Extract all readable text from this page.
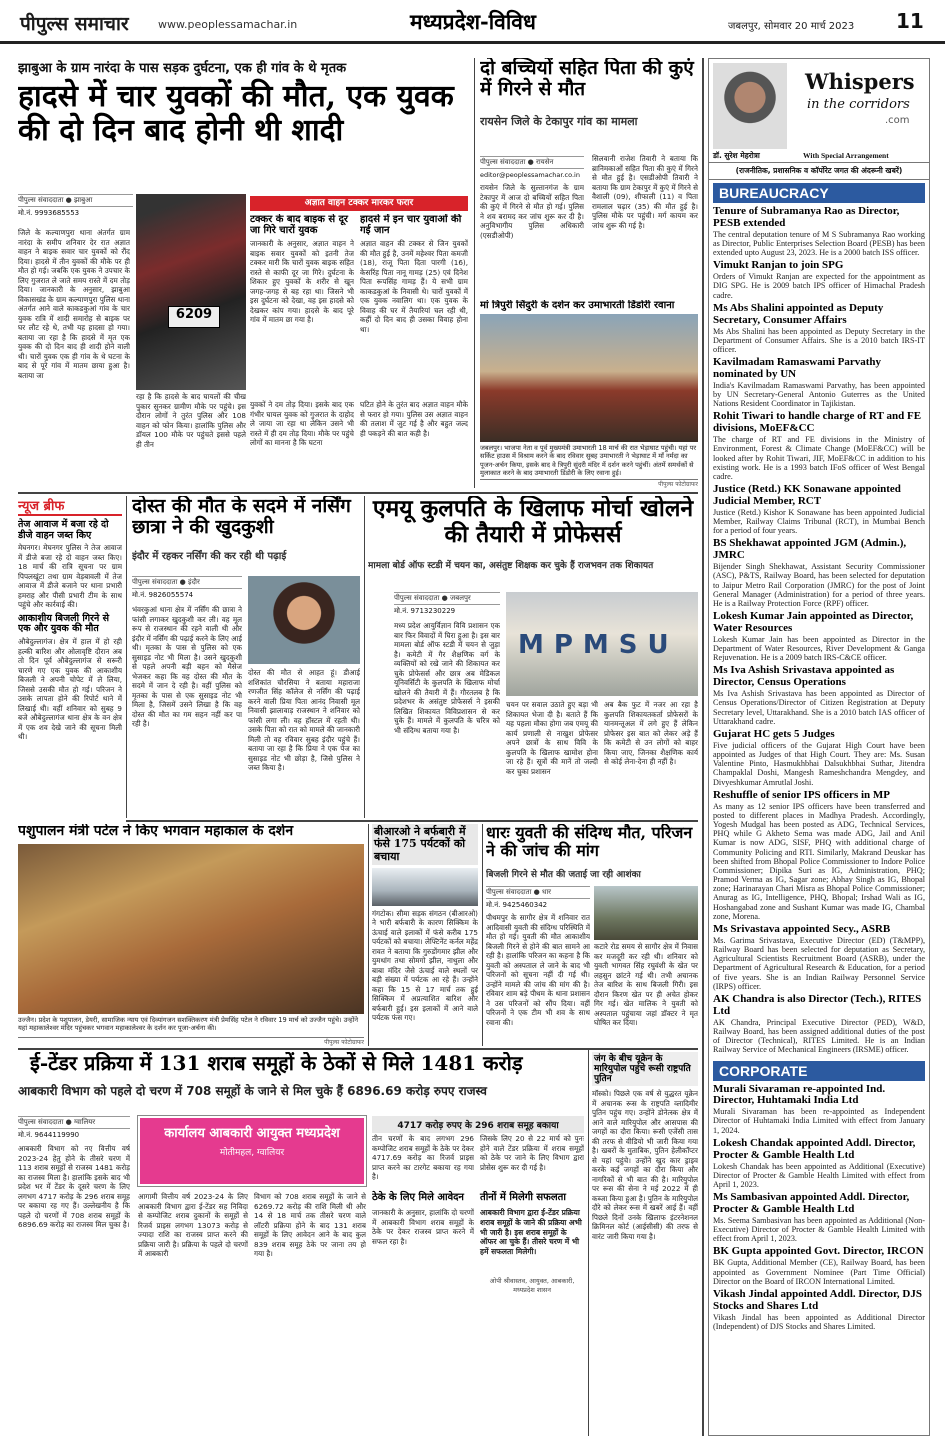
पीपुल्स समाचार	www.peoplessamachar.in	मध्यप्रदेश-विविध	जबलपुर, सोमवार 20 मार्च 2023 11
झाबुआ के ग्राम नारंदा के पास सड़क दुर्घटना, एक ही गांव के थे मृतक
हादसे में चार युवकों की मौत, एक युवक की दो दिन बाद होनी थी शादी
पीपुल्स संवाददाता ● झाबुआ
मो.नं. 9993685553
जिले के कल्याणपुरा थाना अंतर्गत ग्राम नारंदा के समीप शनिवार देर रात अज्ञात वाहन ने बाइक सवार चार युवकों को रौंद दिया। हादसे में तीन युवकों की मौके पर ही मौत हो गई। जबकि एक युवक ने उपचार के लिए गुजरात ले जाते समय रास्ते में दम तोड़ दिया। जानकारी के अनुसार, झाबुआ विकासखंड के ग्राम कल्याणपुरा पुलिस थाना अंतर्गत आने वाले काकडकुआं गांव के चार युवक रात्रि में शादी समारोह से बाइक पर घर लौट रहे थे, तभी यह हादसा हो गया। बताया जा रहा है कि हादसे में मृत एक युवक की दो दिन बाद ही शादी होने वाली थी। चारों युवक एक ही गांव के थे घटना के बाद से पूरे गांव में मातम छाया हुआ है। बताया जा
6209
रहा है कि हादसे के बाद घायलों की चीख पुकार सुनकर ग्रामीण मौके पर पहुंचे। इस दौरान लोगों ने तुरंत पुलिस और 108 वाहन को फोन किया। हालांकि पुलिस और डॉयल 100 मौके पर पहुंचते इससे पहले ही तीन
अज्ञात वाहन टक्कर मारकर फरार
टक्कर के बाद बाइक से दूर जा गिरे चारों युवक
जानकारी के अनुसार, अज्ञात वाहन ने बाइक सवार युवकों को इतनी तेज टक्कर मारी कि चारों युवक बाइक सहित रास्ते से काफी दूर जा गिरे। दुर्घटना के शिकार हुए युवकों के शरीर से खून जगह-जगह से बह रहा था। जिसने भी इस दुर्घटना को देखा, वह इस हादसे को देखकर कांप गया। हादसे के बाद पूरे गांव में मातम छा गया है।
हादसे में इन चार युवाओं की गई जान
अज्ञात वाहन की टक्कर से जिन युवकों की मौत हुई है, उनमें महेश्वर पिता कमजी (18), राजू पिता दिता पारगी (16), केसरिंह पिता नानू गामड़ (25) एवं दिनेश पिता रूपसिंह गामड़ हैं। ये सभी ग्राम काकडकुआं के निवासी थे। चारों युवकों में एक युवक नवालिग था। एक युवक के विवाह की घर में तैयारियां चल रही थी, कहीं दो दिन बाद ही उसका विवाह होना था।
युवकों ने दम तोड़ दिया। इसके बाद एक गंभीर घायल युवक को गुजरात के दाहोद ले जाया जा रहा था लेकिन उसने भी रास्ते में ही दम तोड़ दिया। मौके पर पहुंचे लोगों का मानना है कि घटना
घटित होने के तुरंत बाद अज्ञात वाहन मौके से फरार हो गया। पुलिस उस अज्ञात वाहन की तलाश में जुट गई है और बहुत जल्द ही पकड़ने की बात कही है।
दो बच्चियों सहित पिता की कुएं में गिरने से मौत
रायसेन जिले के टेकापुर गांव का मामला
पीपुल्स संवाददाता ● रायसेन
editor@peoplessamachar.co.in
रायसेन जिले के सुल्तानगंज के ग्राम टेकापुर में आज दो बच्चियों सहित पिता की कुएं में गिरने से मौत हो गई। पुलिस ने शव बरामद कर जांच शुरू कर दी है। अनुविभागीय पुलिस अधिकारी (एसडीओपी)
सिलवानी राजेश तिवारी ने बताया कि ब्रानिमकाओं सहित पिता की कुएं में गिरने से मौत हुई है। एसडीओपी तिवारी ने बताया कि ग्राम टेकापुर में कुएं में गिरने से वैशाली (09), शीफाली (11) व पिता रामलाल चढ़ार (35) की मौत हुई है। पुलिस मौके पर पहुंची। मर्ग कायम कर जांच शुरू की गई है।
मां त्रिपुरी सिंदुरी के दर्शन कर उमाभारती डिंडोरी रवाना
जबलपुर। भाजपा नेता व पूर्व मुख्यमंत्री उमाभारती 18 मार्च की रात भेड़ाघाट पहुंची। यहां पर सर्किट हाउस में विश्राम करने के बाद रविवार सुबह उमाभारती ने भेड़ाघाट में माँ नर्मदा का पूजन-अर्चन किया, इसके बाद वे त्रिपुरी सुंदरी मंदिर में दर्शन करने पहुंचीं। अंतमें समर्थकों से मुलाकात करने के बाद उमाभारती डिंडोरी के लिए रवाना हुई।
पीपुल्स फोटोग्राफर
न्यूज ब्रीफ
तेज आवाज में बजा रहे दो डीजे वाहन जब्त किए
मेघनगर। मेघनगर पुलिस ने तेज आवाज में डीजे बजा रहे दो वाहन जब्त किए। 18 मार्च की रात्रि सूचना पर ग्राम पिपलखूंटा तथा ग्राम वेड़बावली में तेज आवाज में डीजे बजाने पर थाना प्रभारी हमराह और पीसी प्रभारी टीम के साथ पहुंचे और कार्रवाई की।
आकाशीय बिजली गिरने से एक और युवक की मौत
औबेदुल्लागंज। क्षेत्र में हाल में हो रही हल्की बारिश और ओलावृष्टि दौरान अब तो दिन पूर्व औबेदुल्लागंज से सरूरी चारणे गए एक युवक की आकाशीय बिजली ने अपनी चोपेट में ले लिया, जिससे उसकी मौत हो गई। परिजन ने उसके लापता होने की रिपोर्ट थाने में लिखाई थी। वहीं शनिवार को सुबह 9 बजे औबेदुल्लागंज थाना क्षेत्र के वन क्षेत्र में एक शव देखे जाने की सूचना मिली थी।
दोस्त की मौत के सदमे में नर्सिंग छात्रा ने की खुदकुशी
इंदौर में रहकर नर्सिंग की कर रही थी पढ़ाई
पीपुल्स संवाददाता ● इंदौर
मो.नं. 9826055574
भंवरकुआं थाना क्षेत्र में नर्सिंग की छात्रा ने फांसी लगाकर खुदकुशी कर ली। वह मूल रूप से राजस्थान की रहने वाली थी और इंदौर में नर्सिंग की पढ़ाई करने के लिए आई थी। मृतका के पास से पुलिस को एक सुसाइड नोट भी मिला है। उसने खुदकुशी से पहले अपनी बड़ी बहन को मैसेज भेजकर कहा कि वह दोस्त की मौत के सदमे में जान दे रही है। वहीं पुलिस को मृतका के पास से एक सुसाइड नोट भी मिला है, जिसमें उसने लिखा है कि वह दोस्त की मौत का गम सहन नहीं कर पा रही है।
दोस्त की मौत से आहत हूं। डीआई शशिकांत चौरसिया ने बताया महाराजा रणजीत सिंह कॉलेज से नर्सिंग की पढ़ाई करने वाली प्रिया पिता आनंद निवासी मूल निवासी झालावाड़ राजस्थान ने शनिवार को फांसी लगा ली। वह हॉस्टल में रहती थी। उसके पिता को रात को मामले की जानकारी मिली तो वह रविवार सुबह इंदौर पहुंचे हैं। बताया जा रहा है कि प्रिया ने एक पेज का सुसाइड नोट भी छोड़ा है, जिसे पुलिस ने जब्त किया है।
एमयू कुलपति के खिलाफ मोर्चा खोलने की तैयारी में प्रोफेसर्स
मामला बोर्ड ऑफ स्टडी में चयन का, असंतुष्ट शिक्षक कर चुके हैं राजभवन तक शिकायत
पीपुल्स संवाददाता ● जबलपुर
मो.नं. 9713230229
मध्य प्रदेश आयुर्विज्ञान विवि प्रशासन एक बार फिर विवादों में घिरा हुआ है। इस बार मामला बोर्ड ऑफ स्टडी में चयन से जुड़ा है। कमेटी में गैर शैक्षणिक वर्ग के व्यक्तियों को रखे जाने की शिकायत कर चुके प्रोफेसर्स और छात्र अब मेडिकल यूनिवर्सिटी के कुलपति के खिलाफ मोर्चा खोलने की तैयारी में हैं। गौरतलब है कि प्रदेशभर के असंतुष्ट प्रोफेसर्स ने इसकी लिखित शिकायत विविप्रशासन से कर चुके हैं। मामले में कुलपति के चरित्र को भी संदिग्ध बताया गया है।
MPMSU
चयन पर सवाल उठाते हुए बड़ा भी शिकायत भेजा दी है। बताते हैं कि यह पहला मौका होगा जब एमयू की कार्य प्रणाली से नाखुश प्रोफेसर अपने छात्रों के साथ विवि के कुलपति के खिलाफ खामोश होना जा रहे हैं। सूत्रों की मानें तो जल्दी कर चुका प्रशासन
अब बैक फुट में नजर आ रहा है कुलपति शिकायतकर्ता प्रोफेसरों के यानमन्तूअल में लगे हुए हैं लेकिन प्रोफेसर इस बात को लेकर अड़े हैं कि कमेटी से उन लोगों को बाहर किया जाए, जिनका शैक्षणिक कार्य से कोई लेना-देना ही नहीं है।
पशुपालन मंत्री पटेल ने किए भगवान महाकाल के दर्शन
उज्जैन। प्रदेश के पशुपालन, डेयरी, सामाजिक न्याय एवं दिव्यांगजन सशक्तिकरण मंत्री प्रेमसिंह पटेल ने रविवार 19 मार्च को उज्जैन पहुंचे। उन्होंने यहां महाकालेश्वर मंदिर पहुंचकर भगवान महाकालेश्वर के दर्शन कर पूजा-अर्चना की।
पीपुल्स फोटोग्राफर
बीआरओ ने बर्फबारी में फंसे 175 पर्यटकों को बचाया
गंगटोक। सीमा सड़क संगठन (बीआरओ) ने भारी बर्फबारी के कारण सिक्किम के ऊंचाई वाले इलाकों में फंसे करीब 175 पर्यटकों को बचाया। लेफ्टिनेंट कर्नल महेंद्र रावत ने बताया कि गुरुडोंगमार झील और युमथांग तथा सोमगो झील, नाथुला और बाबा मंदिर जैसे ऊंचाई वाले स्थलों पर बड़ी संख्या में पर्यटक आ रहे हैं। उन्होंने कहा कि 15 से 17 मार्च तक हुई सिक्किम में अप्रत्याशित बारिश और बर्फबारी हुई। इस इलाकों में आने वाले पर्यटक फंस गए।
धारः युवती की संदिग्ध मौत, परिजन ने की जांच की मांग
बिजली गिरने से मौत की जताई जा रही आशंका
पीपुल्स संवाददाता ● धार
मो.नं. 9425460342
पीथमपुर के सागौर क्षेत्र में शनिवार रात आदिवासी युवती की संदिग्ध परिस्थिति में मौत हो गई। युवती की मौत आकाशीय बिजली गिरने से होने की बात सामने आ रही है। हालांकि परिजन का कहना है कि युवती को अस्पताल ले जाने के बाद भी परिजनों को सूचना नहीं दी गई थी। उन्होंने मामले की जांच की मांग की है। रविवार शाम बड़े पीथम के थाना प्रशासन ने उस परिजनों को सौंप दिया। वहीं परिजनों ने एक टीम भी शव के साथ रवाना की।
कटारे रोड समय से सागौर क्षेत्र में निवास कर मजदूरी कर रही थी। शनिवार को युवती भागवत सिंह रघुवंशी के खेत पर लहसुन छांटने गई थी। तभी अचानक तेज बारिश के साथ बिजली गिरी। इस दौरान किरण खेत पर ही अचेत होकर गिर गई। खेत मालिक ने युवती को अस्पताल पहुंचाया जहां डॉक्टर ने मृत घोषित कर दिया।
ई-टेंडर प्रक्रिया में 131 शराब समूहों के ठेकों से मिले 1481 करोड़
आबकारी विभाग को पहले दो चरण में 708 समूहों के जाने से मिल चुके हैं 6896.69 करोड़ रुपए राजस्व
पीपुल्स संवाददाता ● ग्वालियर
मो.नं. 9644119990
आबकारी विभाग को नए वित्तीय वर्ष 2023-24 हेतु होने के तीसरे चरण में 113 शराब समूहों से राजस्व 1481 करोड़ का राजस्व मिला है। हालांकि इसके बाद भी प्रदेश भर में टेंडर के दूसरे चरण के लिए लगभग 4717 करोड़ के 296 शराब समूह पर बकाया रह गए हैं। उल्लेखनीय है कि पहले दो चरणों में 708 शराब समूहों के 6896.69 करोड़ का राजस्व मिल चुका है।
कार्यालय आबकारी आयुक्त मध्यप्रदेश
मोतीमहल, ग्वालियर
आगामी वित्तीय वर्ष 2023-24 के लिए आबकारी विभाग द्वारा ई-टेंडर सह निविदा से कम्पोजिट शराब दुकानों के समूहों से रिजर्व प्राइस लगभग 13073 करोड़ से ज्यादा राशि का राजस्व प्राप्त करने की प्रक्रिया जारी है। प्रक्रिया के पहले दो चरणों में आबकारी
विभाग को 708 शराब समूहों के जाने से 6269.72 करोड़ की राशि मिली थी और 14 से 18 मार्च तक तीसरे चरण वाले लॉटरी प्रक्रिया होने के बाद 131 शराब समूहों के लिए आवेदन आने के बाद कुल 839 शराब समूह ठेके पर जाना तय हो गया है।
4717 करोड़ रुपए के 296 शराब समूह बकाया
तीन चरणों के बाद लगभग 296 कम्पोजिट शराब समूहों के ठेके पर देकर 4717.69 करोड़ का रिजर्व प्राइस प्राप्त करने का टारगेट बकाया रह गया है।
जिसके लिए 20 से 22 मार्च को पुनः होने वाले टेंडर प्रक्रिया में शराब समूहों को ठेके पर जाने के लिए विभाग द्वारा प्रोसेस शुरू कर दी गई है।
ठेके के लिए मिले आवेदन
जानकारी के अनुसार, हालांकि दो चरणों में आबकारी विभाग शराब समूहों के ठेके पर देकर राजस्व प्राप्त करने में सफल रहा है।
तीनों में मिलेगी सफलता
आबकारी विभाग द्वारा ई-टेंडर प्रक्रिया शराब समूहों के जाने की प्रक्रिया अभी भी जारी है। इस शराब समूहों के ऑफर आ चुके हैं। तीसरे चरण में भी हमें सफलता मिलेगी।
ओपी श्रीवास्तव, आयुक्त, आबकारी, मध्यप्रदेश शासन
जंग के बीच यूक्रेन के मारियुपोल पहुंचे रूसी राष्ट्रपति पुतिन
मॉस्को। पिछले एक वर्ष से युद्धरत यूक्रेन में अचानक रूस के राष्ट्रपति व्लादिमीर पुतिन पहुंच गए। उन्होंने डोनेत्स्क क्षेत्र में आने वाले मारियुपोल और आसपास की जगहों का दौरा किया। रूसी एजेंसी तास की तरफ से वीडियो भी जारी किया गया है। खबरों के मुताबिक, पुतिन हेलीकॉप्टर से यहां पहुंचे। उन्होंने खुद कार ड्राइव करके कई जगहों का दौरा किया और नागरिकों से भी बात की है। मारियुपोल पर रूस की सेना ने मई 2022 में ही कब्जा किया हुआ है। पुतिन के मारियुपोल दौरे को लेकर रूस में खबरें आई हैं। वहीं पिछले दिनों उनके खिलाफ इंटरनेशनल क्रिमिनल कोर्ट (आईसीसी) की तरफ से वारंट जारी किया गया है।
Whispers
in the corridors
.com
डॉ. सुरेश मेहरोत्रा	With Special Arrangement
(राजनीतिक, प्रशासनिक व कॉर्पोरेट जगत की अंदरूनी खबरें)
BUREAUCRACY
Tenure of Subramanya Rao as Director, PESB extended
The central deputation tenure of M S Subramanya Rao working as Director, Public Enterprises Selection Board (PESB) has been extended upto August 23, 2023. He is a 2000 batch ISS officer.
Vimukt Ranjan to join SPG
Orders of Vimukt Ranjan are expected for the appointment as DIG SPG. He is 2009 batch IPS officer of Himachal Pradesh cadre.
Ms Abs Shalini appointed as Deputy Secretary, Consumer Affairs
Ms Abs Shalini has been appointed as Deputy Secretary in the Department of Consumer Affairs. She is a 2010 batch IRS-IT officer.
Kavilmadam Ramaswami Parvathy nominated by UN
India's Kavilmadam Ramaswami Parvathy, has been appointed by UN Secretary-General Antonio Guterres as the United Nations Resident Coordinator in Tajikistan.
Rohit Tiwari to handle charge of RT and FE divisions, MoEF&CC
The charge of RT and FE divisions in the Ministry of Environment, Forest & Climate Change (MoEF&CC) will be looked after by Rohit Tiwari, JIF, MoEF&CC in addition to his existing work. He is a 1993 batch IFoS officer of West Bengal cadre.
Justice (Retd.) KK Sonawane appointed Judicial Member, RCT
Justice (Retd.) Kishor K Sonawane has been appointed Judicial Member, Railway Claims Tribunal (RCT), in Mumbai Bench for a period of four years.
BS Shekhawat appointed JGM (Admin.), JMRC
Bijender Singh Shekhawat, Assistant Security Commissioner (ASC), P&TS, Railway Board, has been selected for deputation to Jaipur Metro Rail Corporation (JMRC) for the post of Joint General Manager (Administration) for a period of three years. He is a Railway Protection Force (RPF) officer.
Lokesh Kumar Jain appointed as Director, Water Resources
Lokesh Kumar Jain has been appointed as Director in the Department of Water Resources, River Development & Ganga Rejuvenation. He is a 2009 batch IRS-C&CE officer.
Ms Iva Ashish Srivastava appointed as Director, Census Operations
Ms Iva Ashish Srivastava has been appointed as Director of Census Operations/Director of Citizen Registration at Deputy Secretary level, Uttarakhand. She is a 2010 batch IAS officer of Uttarakhand cadre.
Gujarat HC gets 5 Judges
Five judicial officers of the Gujarat High Court have been appointed as Judges of that High Court. They are: Ms. Susan Valentine Pinto, Hasmukhbhai Dalsukhbhai Suthar, Jitendra Champaklal Doshi, Mangesh Rameshchandra Mengdey, and Divyeshkumar Amrutlal Joshi.
Reshuffle of senior IPS officers in MP
As many as 12 senior IPS officers have been transferred and posted to different places in Madhya Pradesh. Accordingly, Yogesh Mudgal has been posted as ADG, Technical Services, PHQ while G Akheto Sema was made ADG, Jail and Anil Kumar is now ADG, SISF, PHQ with additional charge of Community Policing and RTI. Similarly, Makrand Deuskar has been shifted from Bhopal Police Commissioner to Indore Police Commissioner; Dipika Suri as IG, Administration, PHQ; Pramod Verma as IG, Sagar zone; Abhay Singh as IG, Bhopal zone; Harinarayan Chari Misra as Bhopal Police Commissioner; Anurag as IG, Intelligence, PHQ, Bhopal; Irshad Wali as IG, Hoshangabad zone and Sushant Kumar was made IG, Chambal zone, Morena.
Ms Srivastava appointed Secy., ASRB
Ms. Garima Srivastava, Executive Director (ED) (T&MPP), Railway Board has been selected for deputation as Secretary, Agricultural Scientists Recruitment Board (ASRB), under the Department of Agricultural Research & Education, for a period of five years. She is an Indian Railway Personnel Service (IRPS) officer.
AK Chandra is also Director (Tech.), RITES Ltd
AK Chandra, Principal Executive Director (PED), W&D, Railway Board, has been assigned additional duties of the post of Director (Technical), RITES Limited. He is an Indian Railway Service of Mechanical Engineers (IRSME) officer.
CORPORATE
Murali Sivaraman re-appointed Ind. Director, Huhtamaki India Ltd
Murali Sivaraman has been re-appointed as Independent Director of Huhtamaki India Limited with effect from January 1, 2024.
Lokesh Chandak appointed Addl. Director, Procter & Gamble Health Ltd
Lokesh Chandak has been appointed as Additional (Executive) Director of Procter & Gamble Health Limited with effect from April 1, 2023.
Ms Sambasivan appointed Addl. Director, Procter & Gamble Health Ltd
Ms. Seema Sambasivan has been appointed as Additional (Non-Executive) Director of Procter & Gamble Health Limited with effect from April 1, 2023.
BK Gupta appointed Govt. Director, IRCON
BK Gupta, Additional Member (CE), Railway Board, has been appointed as Government Nominee (Part Time Official) Director on the Board of IRCON International Limited.
Vikash Jindal appointed Addl. Director, DJS Stocks and Shares Ltd
Vikash Jindal has been appointed as Additional Director (Independent) of DJS Stocks and Shares Limited.
